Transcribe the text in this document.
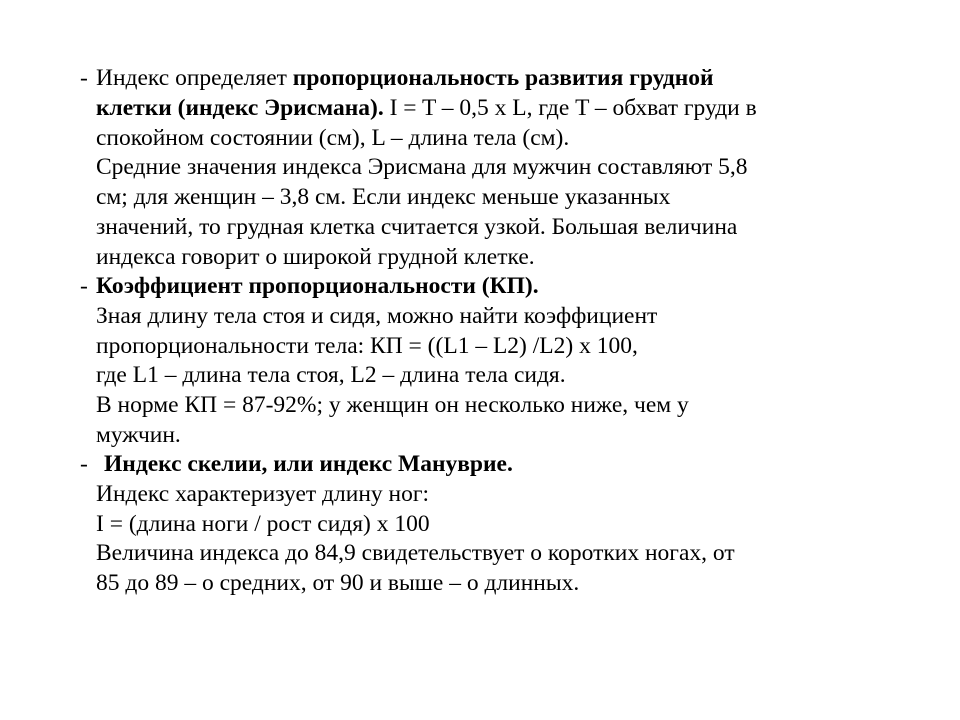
- Индекс определяет пропорциональность развития грудной
клетки (индекс Эрисмана). I = T – 0,5 x L, где T – обхват груди в
спокойном состоянии (см), L – длина тела (см).
Средние значения индекса Эрисмана для мужчин составляют 5,8
см; для женщин – 3,8 см. Если индекс меньше указанных
значений, то грудная клетка считается узкой. Большая величина
индекса говорит о широкой грудной клетке.
- Коэффициент пропорциональности (КП).
Зная длину тела стоя и сидя, можно найти коэффициент
пропорциональности тела: КП = ((L1 – L2) /L2) x 100,
где L1 – длина тела стоя, L2 – длина тела сидя.
В норме КП = 87-92%; у женщин он несколько ниже, чем у
мужчин.
- Индекс скелии, или индекс Мануврие.
Индекс характеризует длину ног:
I = (длина ноги / рост сидя) x 100
Величина индекса до 84,9 свидетельствует о коротких ногах, от
85 до 89 – о средних, от 90 и выше – о длинных.
